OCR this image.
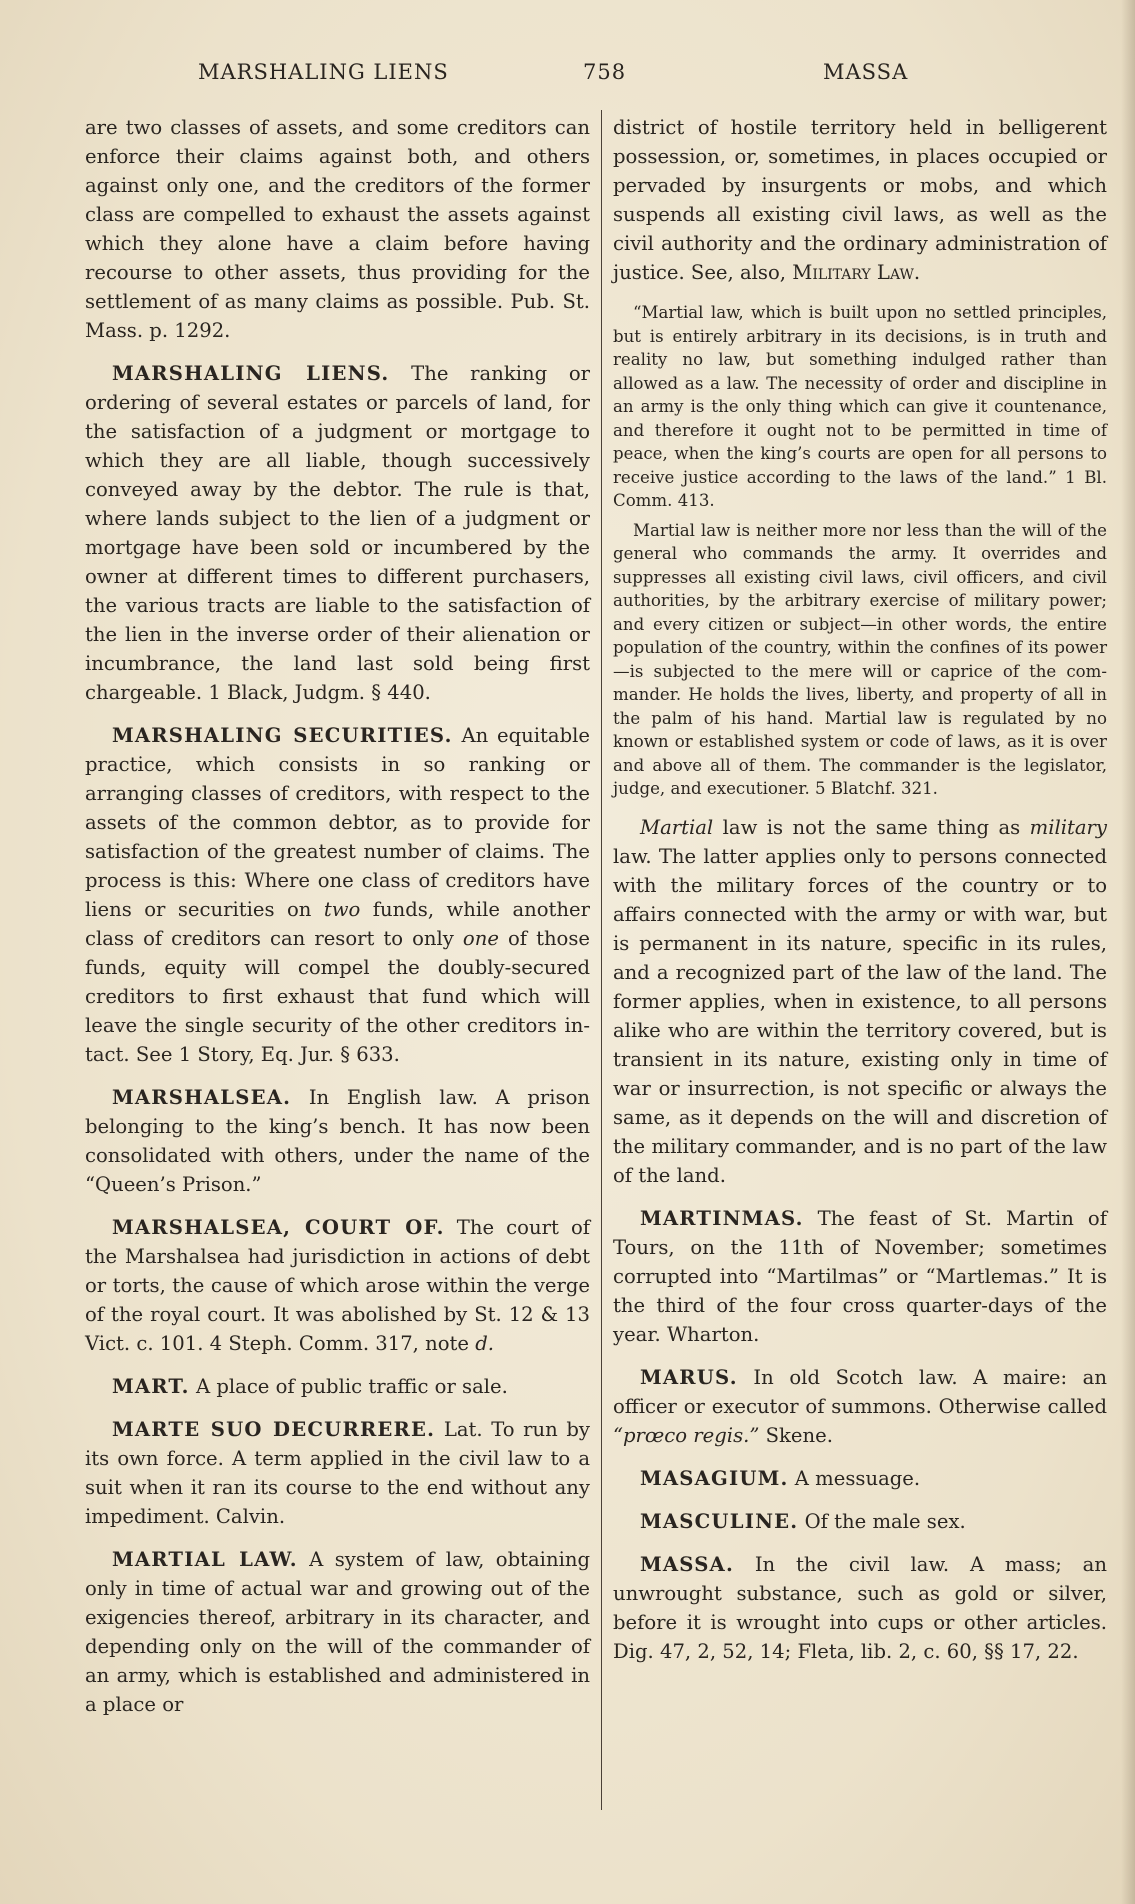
MARSHALING LIENS	758	MASSA

are two classes of assets, and some creditors can enforce their claims against both, and others against only one, and the creditors of the former class are compelled to exhaust the assets against which they alone have a claim before having recourse to other assets, thus providing for the settlement of as many claims as possible. Pub. St. Mass. p. 1292.

MARSHALING LIENS. The ranking or ordering of several estates or parcels of land, for the satisfaction of a judgment or mortgage to which they are all liable, though successively conveyed away by the debtor. The rule is that, where lands subject to the lien of a judgment or mortgage have been sold or incumbered by the owner at different times to different purchasers, the various tracts are liable to the satisfaction of the lien in the inverse order of their alienation or incumbrance, the land last sold being first chargeable. 1 Black, Judgm. § 440.

MARSHALING SECURITIES. An equitable practice, which consists in so ranking or arranging classes of creditors, with respect to the assets of the common debtor, as to provide for satisfaction of the greatest number of claims. The process is this: Where one class of creditors have liens or securities on two funds, while another class of creditors can resort to only one of those funds, equity will compel the doubly-secured creditors to first exhaust that fund which will leave the single security of the other creditors intact. See 1 Story, Eq. Jur. § 633.

MARSHALSEA. In English law. A prison belonging to the king’s bench. It has now been consolidated with others, under the name of the “Queen’s Prison.”

MARSHALSEA, COURT OF. The court of the Marshalsea had jurisdiction in actions of debt or torts, the cause of which arose within the verge of the royal court. It was abolished by St. 12 & 13 Vict. c. 101. 4 Steph. Comm. 317, note d.

MART. A place of public traffic or sale.

MARTE SUO DECURRERE. Lat. To run by its own force. A term applied in the civil law to a suit when it ran its course to the end without any impediment. Calvin.

MARTIAL LAW. A system of law, obtaining only in time of actual war and growing out of the exigencies thereof, arbitrary in its character, and depending only on the will of the commander of an army, which is established and administered in a place or

district of hostile territory held in belligerent possession, or, sometimes, in places occupied or pervaded by insurgents or mobs, and which suspends all existing civil laws, as well as the civil authority and the ordinary administration of justice. See, also, Military Law.

“Martial law, which is built upon no settled principles, but is entirely arbitrary in its decisions, is in truth and reality no law, but something indulged rather than allowed as a law. The necessity of order and discipline in an army is the only thing which can give it countenance, and therefore it ought not to be permitted in time of peace, when the king’s courts are open for all persons to receive justice according to the laws of the land.” 1 Bl. Comm. 413.

Martial law is neither more nor less than the will of the general who commands the army. It overrides and suppresses all existing civil laws, civil officers, and civil authorities, by the arbitrary exercise of military power; and every citizen or subject—in other words, the entire population of the country, within the confines of its power—is subjected to the mere will or caprice of the commander. He holds the lives, liberty, and property of all in the palm of his hand. Martial law is regulated by no known or established system or code of laws, as it is over and above all of them. The commander is the legislator, judge, and executioner. 5 Blatchf. 321.

Martial law is not the same thing as military law. The latter applies only to persons connected with the military forces of the country or to affairs connected with the army or with war, but is permanent in its nature, specific in its rules, and a recognized part of the law of the land. The former applies, when in existence, to all persons alike who are within the territory covered, but is transient in its nature, existing only in time of war or insurrection, is not specific or always the same, as it depends on the will and discretion of the military commander, and is no part of the law of the land.

MARTINMAS. The feast of St. Martin of Tours, on the 11th of November; sometimes corrupted into “Martilmas” or “Martlemas.” It is the third of the four cross quarter-days of the year. Wharton.

MARUS. In old Scotch law. A maire: an officer or executor of summons. Otherwise called “prœco regis.” Skene.

MASAGIUM. A messuage.

MASCULINE. Of the male sex.

MASSA. In the civil law. A mass; an unwrought substance, such as gold or silver, before it is wrought into cups or other articles. Dig. 47, 2, 52, 14; Fleta, lib. 2, c. 60, §§ 17, 22.
